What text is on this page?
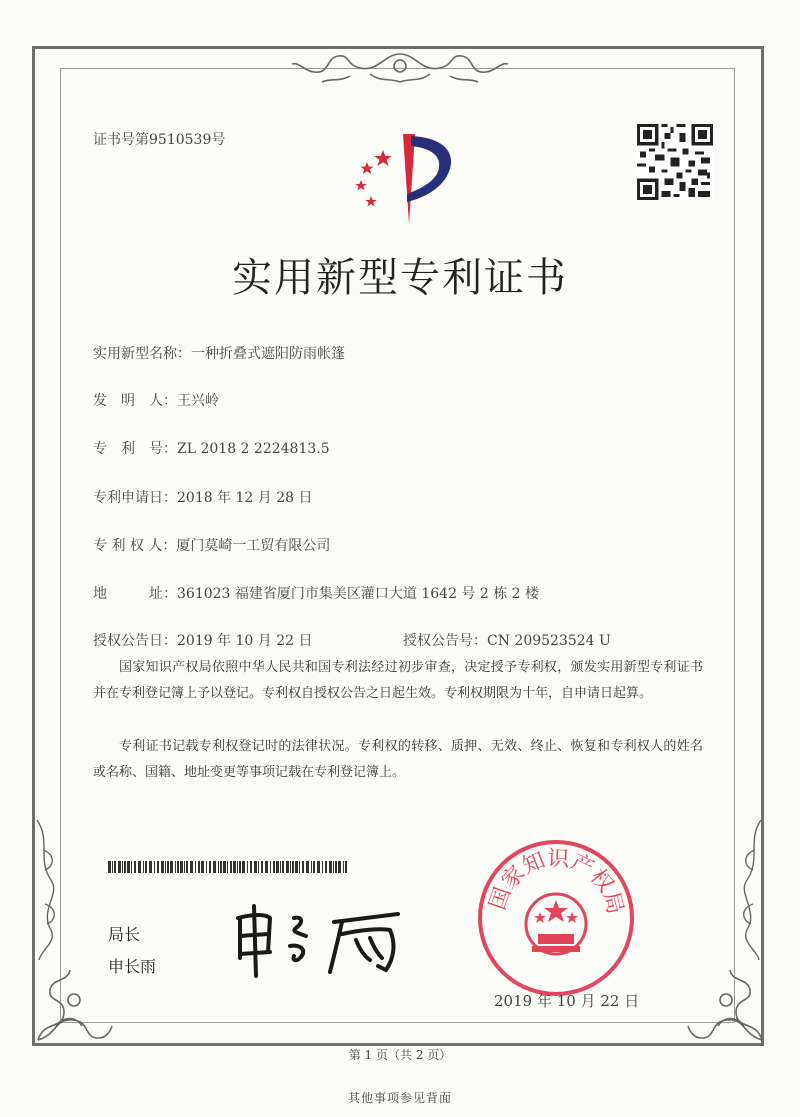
证书号第9510539号
实用新型专利证书
实用新型名称：一种折叠式遮阳防雨帐篷
发　明　人：王兴岭
专　利　号：ZL 2018 2 2224813.5
专利申请日：2018 年 12 月 28 日
专 利 权 人：厦门莫崎一工贸有限公司
地　　　址：361023 福建省厦门市集美区灌口大道 1642 号 2 栋 2 楼
授权公告日：2019 年 10 月 22 日	授权公告号：CN 209523524 U
国家知识产权局依照中华人民共和国专利法经过初步审查，决定授予专利权，颁发实用新型专利证书并在专利登记簿上予以登记。专利权自授权公告之日起生效。专利权期限为十年，自申请日起算。
专利证书记载专利权登记时的法律状况。专利权的转移、质押、无效、终止、恢复和专利权人的姓名或名称、国籍、地址变更等事项记载在专利登记簿上。
局长
申长雨
国家知识产权局
2019 年 10 月 22 日
第 1 页（共 2 页）
其他事项参见背面
